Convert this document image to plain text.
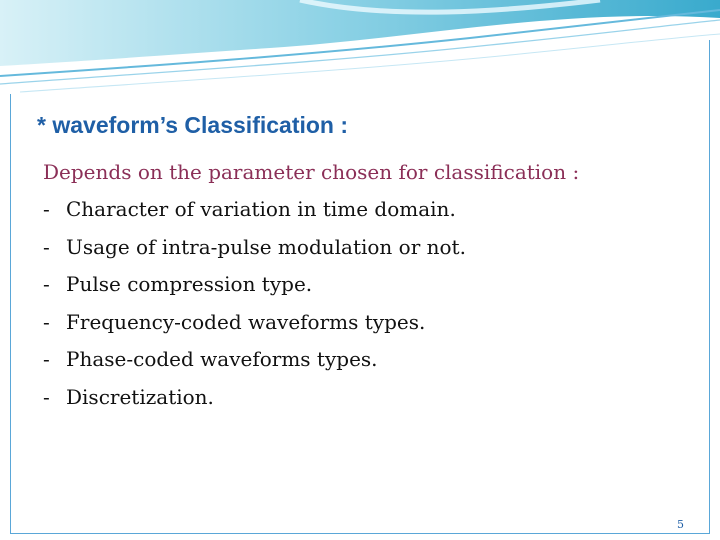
* waveform’s Classification :
Depends on the parameter chosen for classification :
- Character of variation in time domain.
- Usage of intra-pulse modulation or not.
- Pulse compression type.
- Frequency-coded waveforms types.
- Phase-coded waveforms types.
- Discretization.
5
